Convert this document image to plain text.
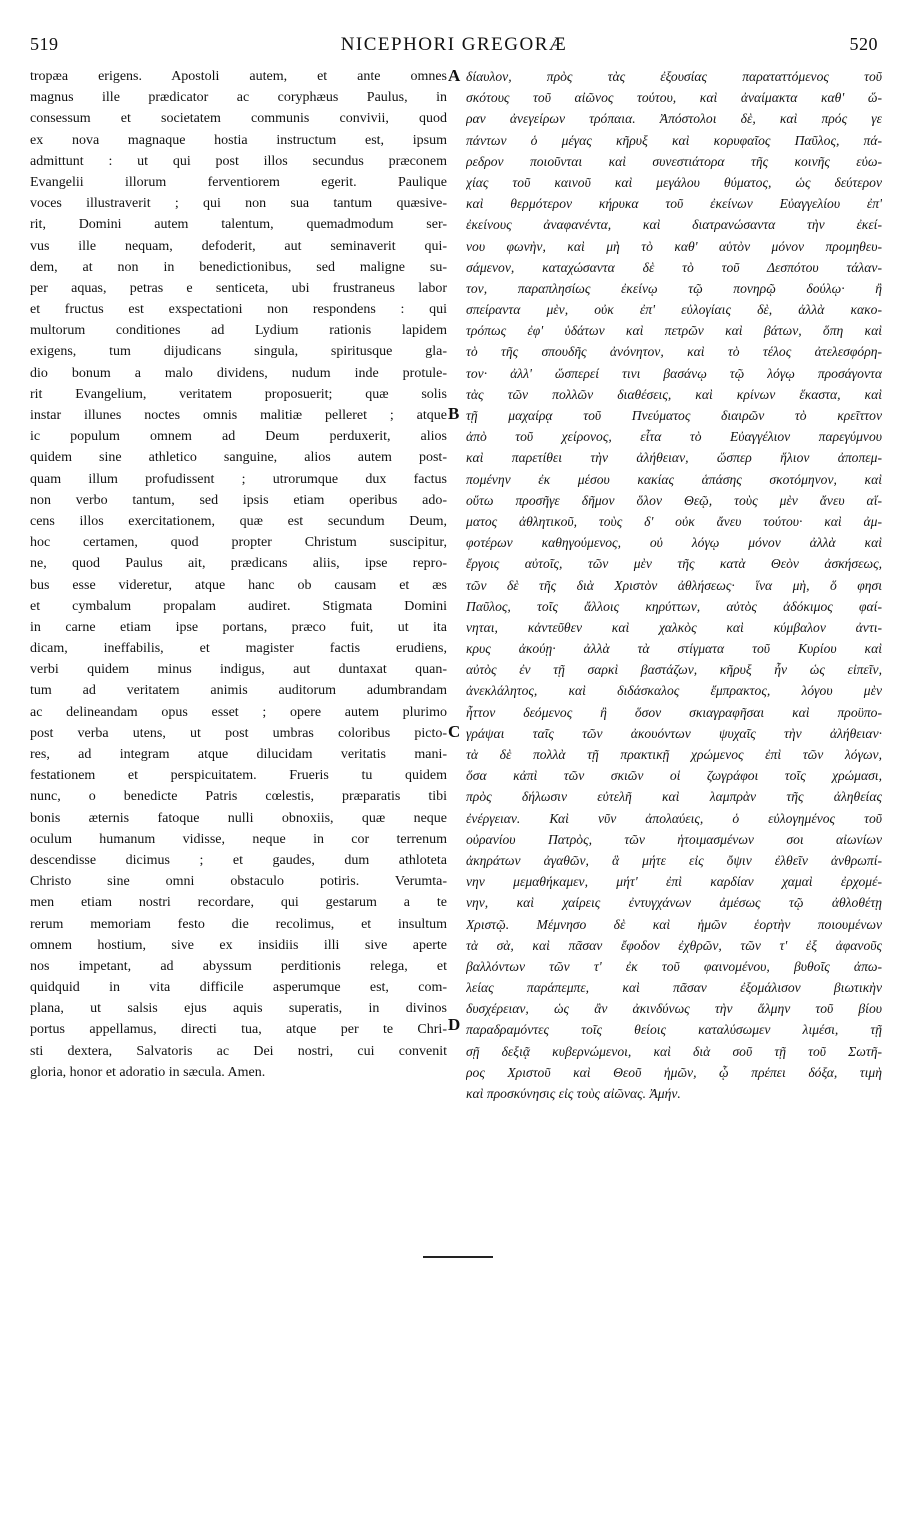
519	NICEPHORI GREGORÆ	520
tropæa erigens. Apostoli autem, et ante omnes
magnus ille prædicator ac coryphæus Paulus, in
consessum et societatem communis convivii, quod
ex nova magnaque hostia instructum est, ipsum
admittunt : ut qui post illos secundus præconem
Evangelii illorum ferventiorem egerit. Paulique
voces illustraverit ; qui non sua tantum quæsive-
rit, Domini autem talentum, quemadmodum ser-
vus ille nequam, defoderit, aut seminaverit qui-
dem, at non in benedictionibus, sed maligne su-
per aquas, petras e senticeta, ubi frustraneus labor
et fructus est exspectationi non respondens : qui
multorum conditiones ad Lydium rationis lapidem
exigens, tum dijudicans singula, spiritusque gla-
dio bonum a malo dividens, nudum inde protule-
rit Evangelium, veritatem proposuerit; quæ solis
instar illunes noctes omnis malitiæ pelleret ; atque
ic populum omnem ad Deum perduxerit, alios
quidem sine athletico sanguine, alios autem post-
quam illum profudissent ; utrorumque dux factus
non verbo tantum, sed ipsis etiam operibus ado-
cens illos exercitationem, quæ est secundum Deum,
hoc certamen, quod propter Christum suscipitur,
ne, quod Paulus ait, prædicans aliis, ipse repro-
bus esse videretur, atque hanc ob causam et æs
et cymbalum propalam audiret. Stigmata Domini
in carne etiam ipse portans, præco fuit, ut ita
dicam, ineffabilis, et magister factis erudiens,
verbi quidem minus indigus, aut duntaxat quan-
tum ad veritatem animis auditorum adumbrandam
ac delineandam opus esset ; opere autem plurimo
post verba utens, ut post umbras coloribus picto-
res, ad integram atque dilucidam veritatis mani-
festationem et perspicuitatem. Frueris tu quidem
nunc, o benedicte Patris cœlestis, præparatis tibi
bonis æternis fatoque nulli obnoxiis, quæ neque
oculum humanum vidisse, neque in cor terrenum
descendisse dicimus ; et gaudes, dum athloteta
Christo sine omni obstaculo potiris. Verumta-
men etiam nostri recordare, qui gestarum a te
rerum memoriam festo die recolimus, et insultum
omnem hostium, sive ex insidiis illi sive aperte
nos impetant, ad abyssum perditionis relega, et
quidquid in vita difficile asperumque est, com-
plana, ut salsis ejus aquis superatis, in divinos
portus appellamus, directi tua, atque per te Chri-
sti dextera, Salvatoris ac Dei nostri, cui convenit
gloria, honor et adoratio in sæcula. Amen.
δίαυλον, πρὸς τὰς ἐξουσίας παραταττόμενος τοῦ
σκότους τοῦ αἰῶνος τούτου, καὶ ἀναίμακτα καθ' ὥ-
ραν ἀνεγείρων τρόπαια. Ἀπόστολοι δὲ, καὶ πρός γε
πάντων ὁ μέγας κῆρυξ καὶ κορυφαῖος Παῦλος, πά-
ρεδρον ποιοῦνται καὶ συνεστιάτορα τῆς κοινῆς εὐω-
χίας τοῦ καινοῦ καὶ μεγάλου θύματος, ὡς δεύτερον
καὶ θερμότερον κήρυκα τοῦ ἐκείνων Εὐαγγελίου ἐπ'
ἐκείνους ἀναφανέντα, καὶ διατρανώσαντα τὴν ἐκεί-
νου φωνὴν, καὶ μὴ τὸ καθ' αὑτὸν μόνον προμηθευ-
σάμενον, καταχώσαντα δὲ τὸ τοῦ Δεσπότου τάλαν-
τον, παραπλησίως ἐκείνῳ τῷ πονηρῷ δούλῳ· ἢ
σπείραντα μὲν, οὐκ ἐπ' εὐλογίαις δὲ, ἀλλὰ κακο-
τρόπως ἐφ' ὑδάτων καὶ πετρῶν καὶ βάτων, ὅπη καὶ
τὸ τῆς σπουδῆς ἀνόνητον, καὶ τὸ τέλος ἀτελεσφόρη-
τον· ἀλλ' ὥσπερεί τινι βασάνῳ τῷ λόγῳ προσάγοντα
τὰς τῶν πολλῶν διαθέσεις, καὶ κρίνων ἕκαστα, καὶ
τῇ μαχαίρᾳ τοῦ Πνεύματος διαιρῶν τὸ κρεῖττον
ἀπὸ τοῦ χείρονος, εἶτα τὸ Εὐαγγέλιον παρεγύμνου
καὶ παρετίθει τὴν ἀλήθειαν, ὥσπερ ἥλιον ἀποπεμ-
πομένην ἐκ μέσου κακίας ἁπάσης σκοτόμηνον, καὶ
οὕτω προσῆγε δῆμον ὅλον Θεῷ, τοὺς μὲν ἄνευ αἵ-
ματος ἀθλητικοῦ, τοὺς δ' οὐκ ἄνευ τούτου· καὶ ἀμ-
φοτέρων καθηγούμενος, οὐ λόγῳ μόνον ἀλλὰ καὶ
ἔργοις αὐτοῖς, τῶν μὲν τῆς κατὰ Θεὸν ἀσκήσεως,
τῶν δὲ τῆς διὰ Χριστὸν ἀθλήσεως· ἵνα μὴ, ὅ φησι
Παῦλος, τοῖς ἄλλοις κηρύττων, αὐτὸς ἀδόκιμος φαί-
νηται, κἀντεῦθεν καὶ χαλκὸς καὶ κύμβαλον ἀντι-
κρυς ἀκούῃ· ἀλλὰ τὰ στίγματα τοῦ Κυρίου καὶ
αὐτὸς ἐν τῇ σαρκὶ βαστάζων, κῆρυξ ἦν ὡς εἰπεῖν,
ἀνεκλάλητος, καὶ διδάσκαλος ἔμπρακτος, λόγου μὲν
ἧττον δεόμενος ἢ ὅσον σκιαγραφῆσαι καὶ προϋπο-
γράψαι ταῖς τῶν ἀκουόντων ψυχαῖς τὴν ἀλήθειαν·
τὰ δὲ πολλὰ τῇ πρακτικῇ χρώμενος ἐπὶ τῶν λόγων,
ὅσα κἀπὶ τῶν σκιῶν οἱ ζωγράφοι τοῖς χρώμασι,
πρὸς δήλωσιν εὐτελῆ καὶ λαμπρὰν τῆς ἀληθείας
ἐνέργειαν. Καὶ νῦν ἀπολαύεις, ὁ εὐλογημένος τοῦ
οὐρανίου Πατρὸς, τῶν ἡτοιμασμένων σοι αἰωνίων
ἀκηράτων ἀγαθῶν, ἃ μήτε εἰς ὄψιν ἐλθεῖν ἀνθρωπί-
νην μεμαθήκαμεν, μήτ' ἐπὶ καρδίαν χαμαὶ ἐρχομέ-
νην, καὶ χαίρεις ἐντυγχάνων ἀμέσως τῷ ἀθλοθέτῃ
Χριστῷ. Μέμνησο δὲ καὶ ἡμῶν ἑορτὴν ποιουμένων
τὰ σὰ, καὶ πᾶσαν ἔφοδον ἐχθρῶν, τῶν τ' ἐξ ἀφανοῦς
βαλλόντων τῶν τ' ἐκ τοῦ φαινομένου, βυθοῖς ἀπω-
λείας παράπεμπε, καὶ πᾶσαν ἐξομάλισον βιωτικὴν
δυσχέρειαν, ὡς ἂν ἀκινδύνως τὴν ἅλμην τοῦ βίου
παραδραμόντες τοῖς θείοις καταλύσωμεν λιμέσι, τῇ
σῇ δεξιᾷ κυβερνώμενοι, καὶ διὰ σοῦ τῇ τοῦ Σωτῆ-
ρος Χριστοῦ καὶ Θεοῦ ἡμῶν, ᾧ πρέπει δόξα, τιμὴ
καὶ προσκύνησις εἰς τοὺς αἰῶνας. Ἀμήν.
A
B
C
D
